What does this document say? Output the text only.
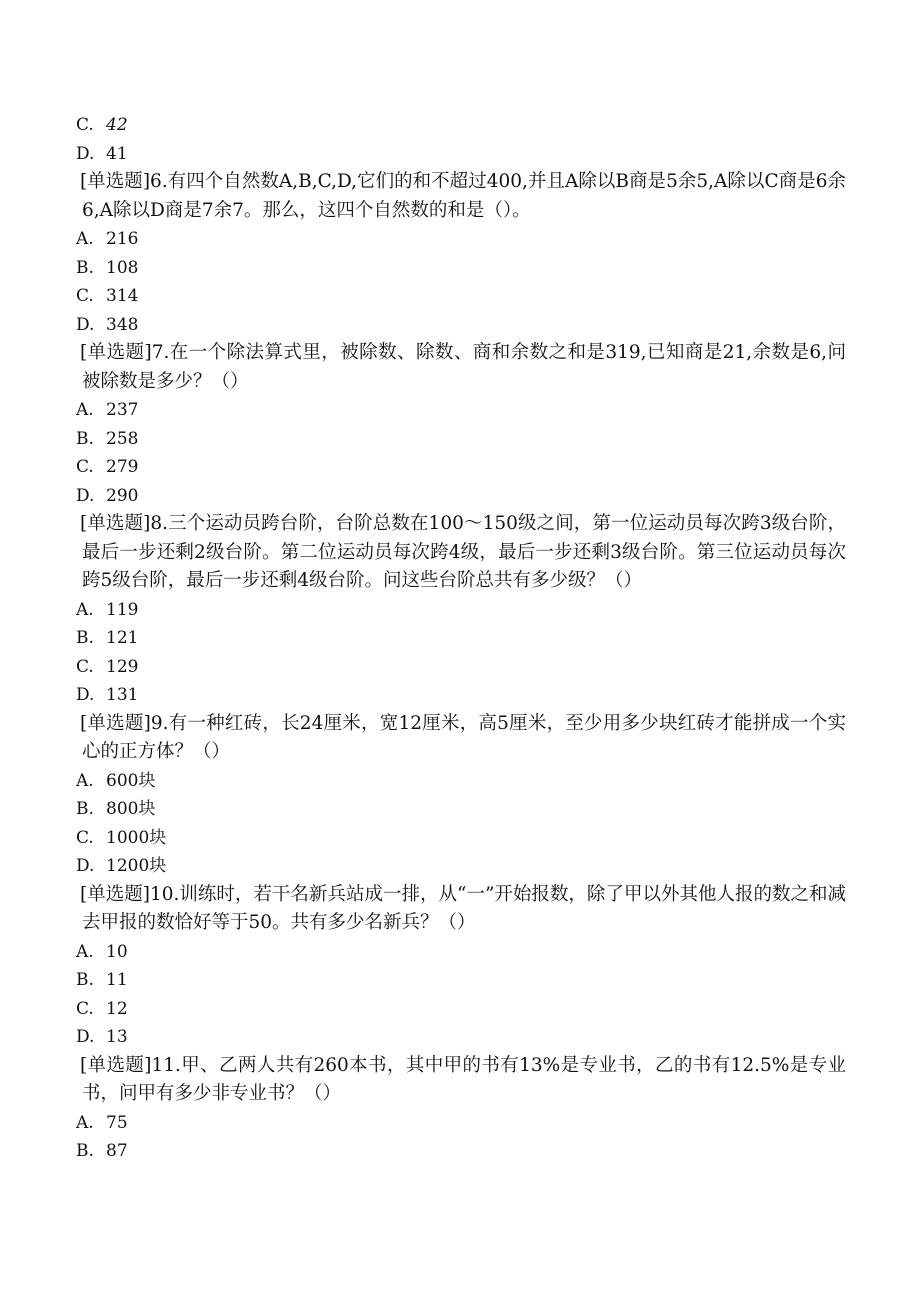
C. 42
D. 41
[单选题]6.有四个自然数A,B,C,D,它们的和不超过400,并且A除以B商是5余5,A除以C商是6余6,A除以D商是7余7。那么，这四个自然数的和是（）。
A. 216
B. 108
C. 314
D. 348
[单选题]7.在一个除法算式里，被除数、除数、商和余数之和是319,已知商是21,余数是6,问被除数是多少？（）
A. 237
B. 258
C. 279
D. 290
[单选题]8.三个运动员跨台阶，台阶总数在100～150级之间，第一位运动员每次跨3级台阶，最后一步还剩2级台阶。第二位运动员每次跨4级，最后一步还剩3级台阶。第三位运动员每次跨5级台阶，最后一步还剩4级台阶。问这些台阶总共有多少级？（）
A. 119
B. 121
C. 129
D. 131
[单选题]9.有一种红砖，长24厘米，宽12厘米，高5厘米，至少用多少块红砖才能拼成一个实心的正方体？（）
A. 600块
B. 800块
C. 1000块
D. 1200块
[单选题]10.训练时，若干名新兵站成一排，从“一”开始报数，除了甲以外其他人报的数之和减去甲报的数恰好等于50。共有多少名新兵？（）
A. 10
B. 11
C. 12
D. 13
[单选题]11.甲、乙两人共有260本书，其中甲的书有13%是专业书，乙的书有12.5%是专业书，问甲有多少非专业书？（）
A. 75
B. 87
